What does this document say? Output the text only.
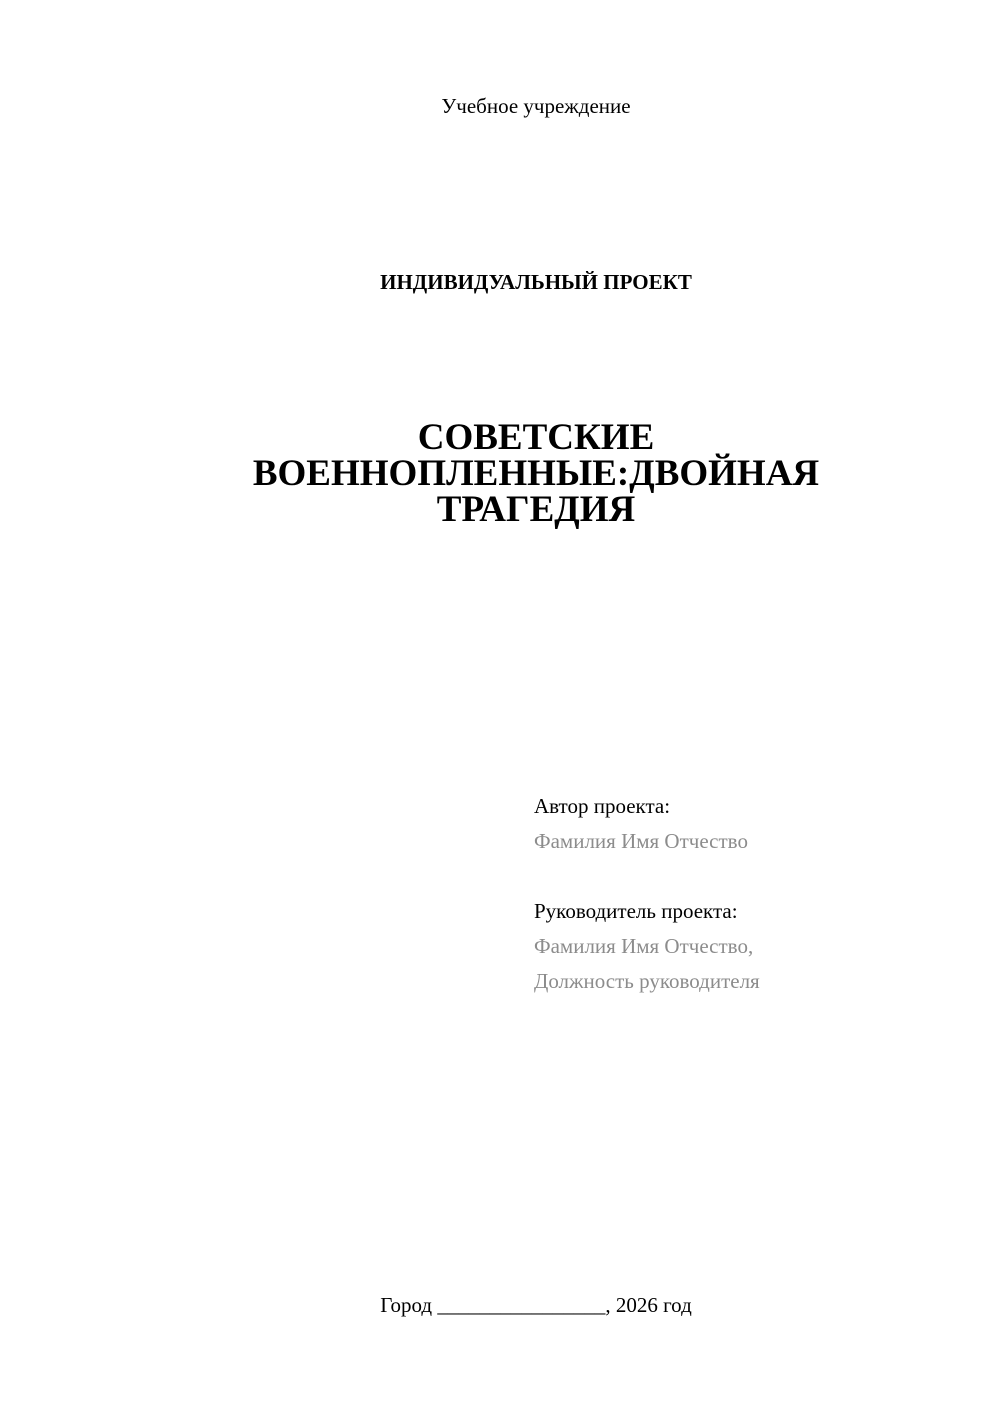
Учебное учреждение
ИНДИВИДУАЛЬНЫЙ ПРОЕКТ
СОВЕТСКИЕ
ВОЕННОПЛЕННЫЕ:ДВОЙНАЯ
ТРАГЕДИЯ
Автор проекта:
Фамилия Имя Отчество
Руководитель проекта:
Фамилия Имя Отчество,
Должность руководителя
Город ________________, 2026 год
